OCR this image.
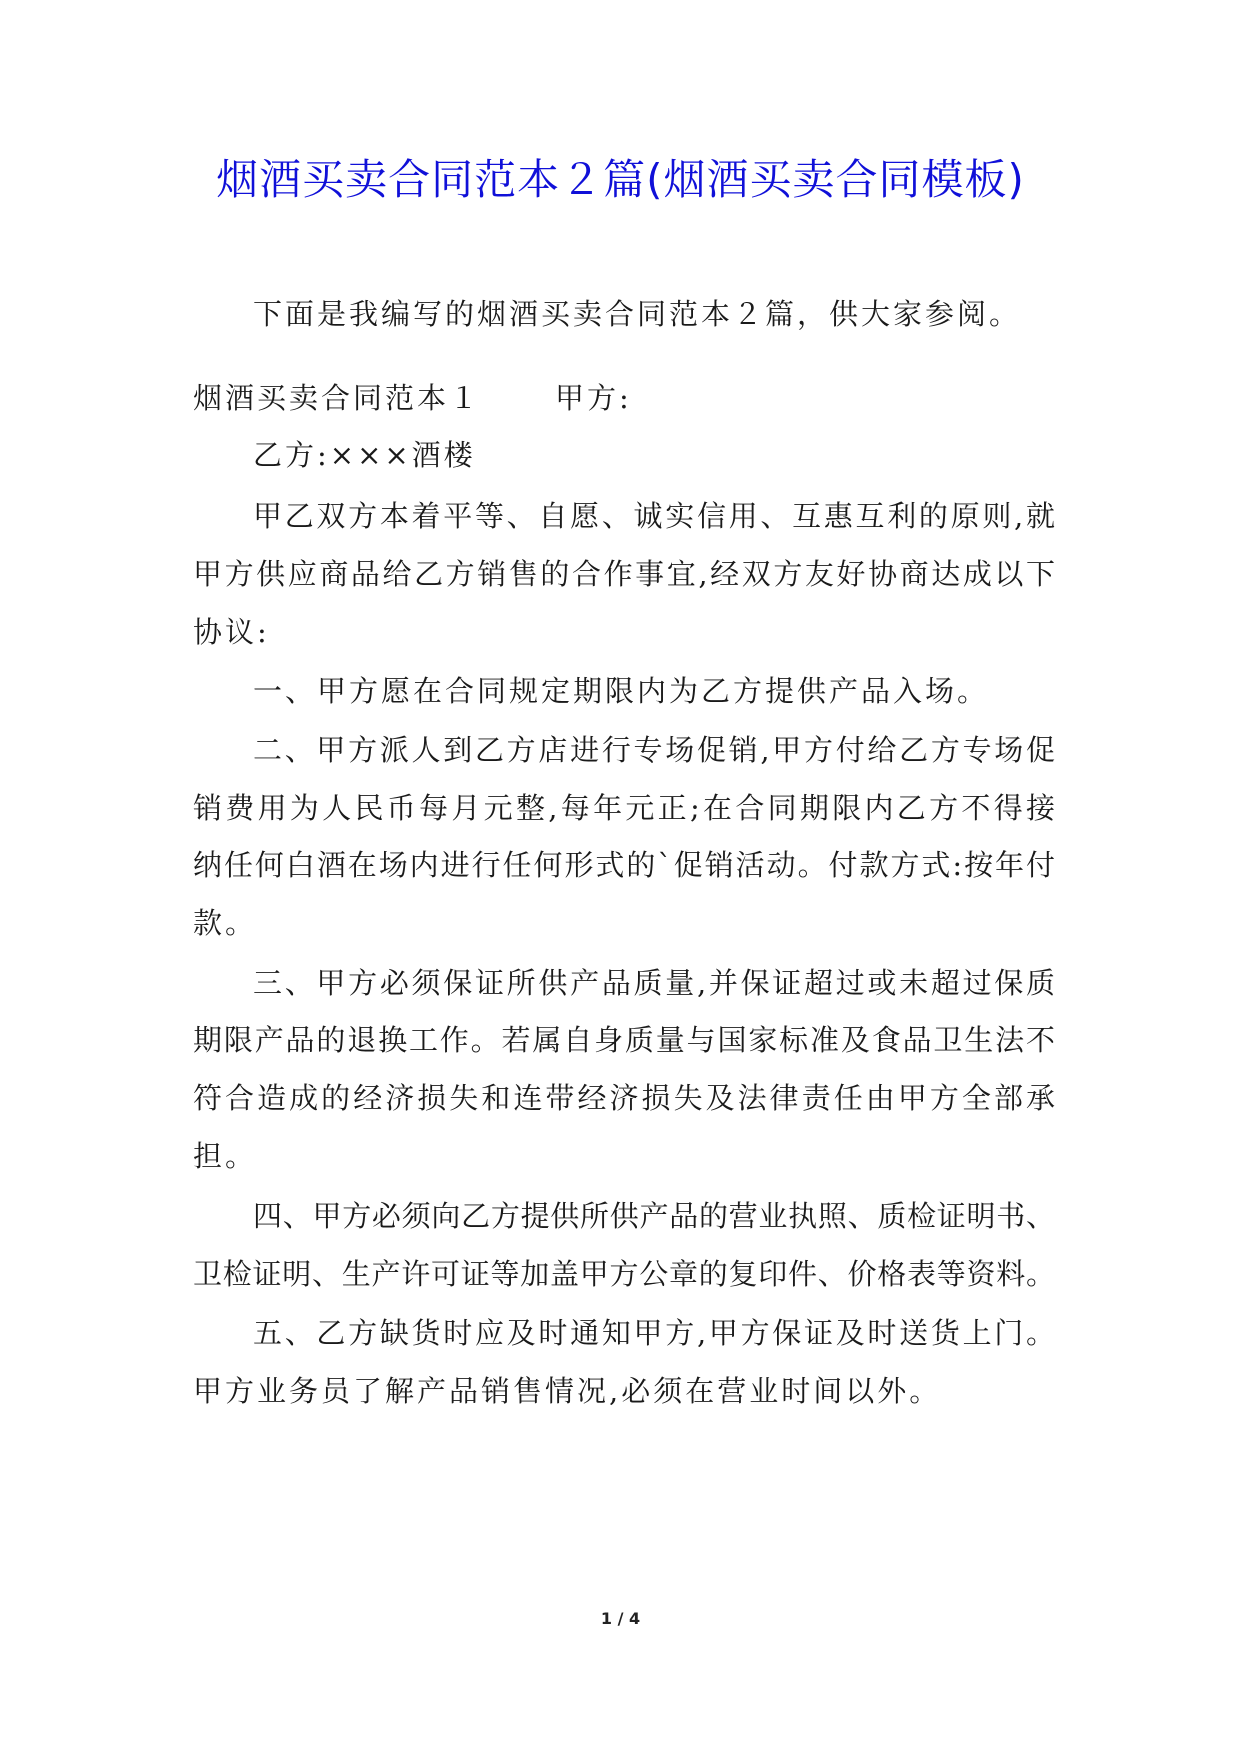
烟酒买卖合同范本２篇(烟酒买卖合同模板)
下面是我编写的烟酒买卖合同范本２篇，供大家参阅。
烟酒买卖合同范本１	甲方:
乙方:×××酒楼
甲乙双方本着平等、自愿、诚实信用、互惠互利的原则,就
甲方供应商品给乙方销售的合作事宜,经双方友好协商达成以下
协议:
一、甲方愿在合同规定期限内为乙方提供产品入场。
二、甲方派人到乙方店进行专场促销,甲方付给乙方专场促
销费用为人民币每月元整,每年元正;在合同期限内乙方不得接
纳任何白酒在场内进行任何形式的`促销活动。付款方式:按年付
款。
三、甲方必须保证所供产品质量,并保证超过或未超过保质
期限产品的退换工作。若属自身质量与国家标准及食品卫生法不
符合造成的经济损失和连带经济损失及法律责任由甲方全部承
担。
四、甲方必须向乙方提供所供产品的营业执照、质检证明书、
卫检证明、生产许可证等加盖甲方公章的复印件、价格表等资料。
五、乙方缺货时应及时通知甲方,甲方保证及时送货上门。
甲方业务员了解产品销售情况,必须在营业时间以外。
1 / 4
